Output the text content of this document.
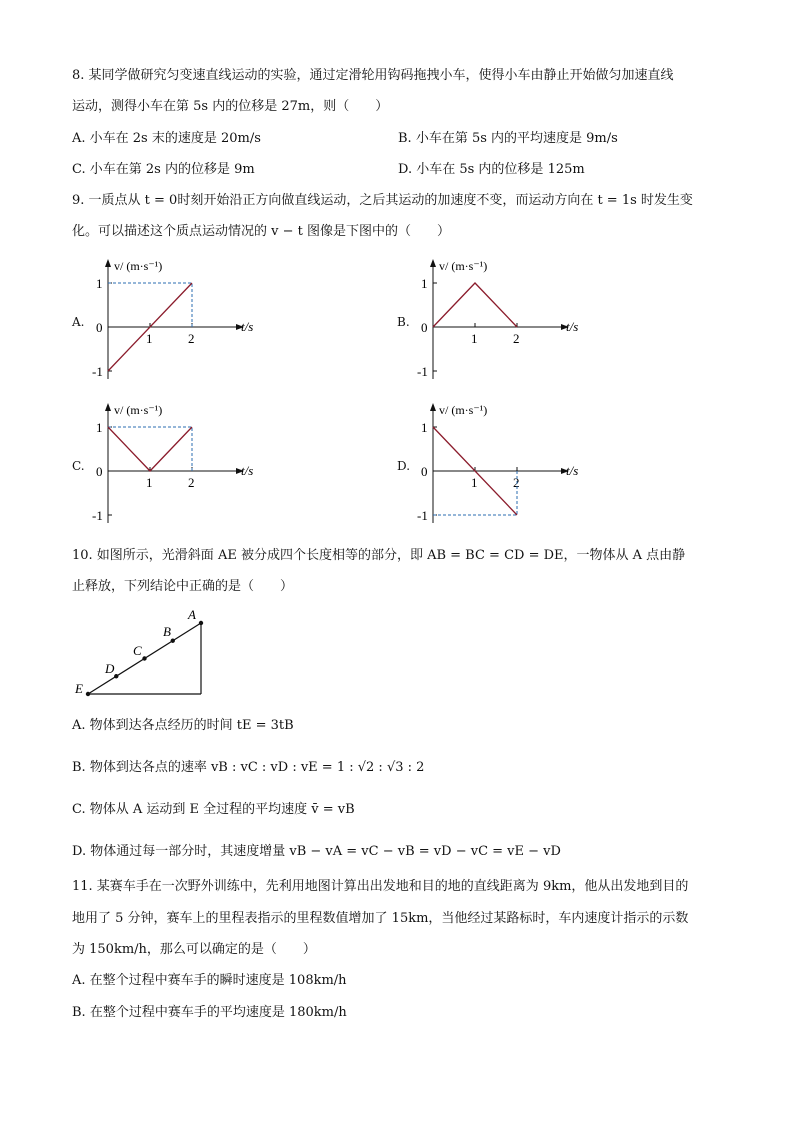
8. 某同学做研究匀变速直线运动的实验，通过定滑轮用钩码拖拽小车，使得小车由静止开始做匀加速直线
运动，测得小车在第 5s 内的位移是 27m，则（　　）
A. 小车在 2s 末的速度是 20m/s	B. 小车在第 5s 内的平均速度是 9m/s
C. 小车在第 2s 内的位移是 9m	D. 小车在 5s 内的位移是 125m
9. 一质点从 t = 0时刻开始沿正方向做直线运动，之后其运动的加速度不变，而运动方向在 t = 1s 时发生变
化。可以描述这个质点运动情况的 v − t 图像是下图中的（　　）
A.	B.
C.	D.
v/ (m·s⁻¹)
t/s
1
0
-1
1	2
v/ (m·s⁻¹)
t/s
1
0
-1
1	2
v/ (m·s⁻¹)
t/s
1
0
-1
1	2
v/ (m·s⁻¹)
t/s
1
0
-1
1	2
10. 如图所示，光滑斜面 AE 被分成四个长度相等的部分，即 AB = BC = CD = DE，一物体从 A 点由静
止释放，下列结论中正确的是（　　）
A
B
C
D
E
A. 物体到达各点经历的时间 tE = 3tB
B. 物体到达各点的速率 vB : vC : vD : vE = 1 : √2 : √3 : 2
C. 物体从 A 运动到 E 全过程的平均速度 v̄ = vB
D. 物体通过每一部分时，其速度增量 vB − vA = vC − vB = vD − vC = vE − vD
11. 某赛车手在一次野外训练中，先利用地图计算出出发地和目的地的直线距离为 9km，他从出发地到目的
地用了 5 分钟，赛车上的里程表指示的里程数值增加了 15km，当他经过某路标时，车内速度计指示的示数
为 150km/h，那么可以确定的是（　　）
A. 在整个过程中赛车手的瞬时速度是 108km/h
B. 在整个过程中赛车手的平均速度是 180km/h
